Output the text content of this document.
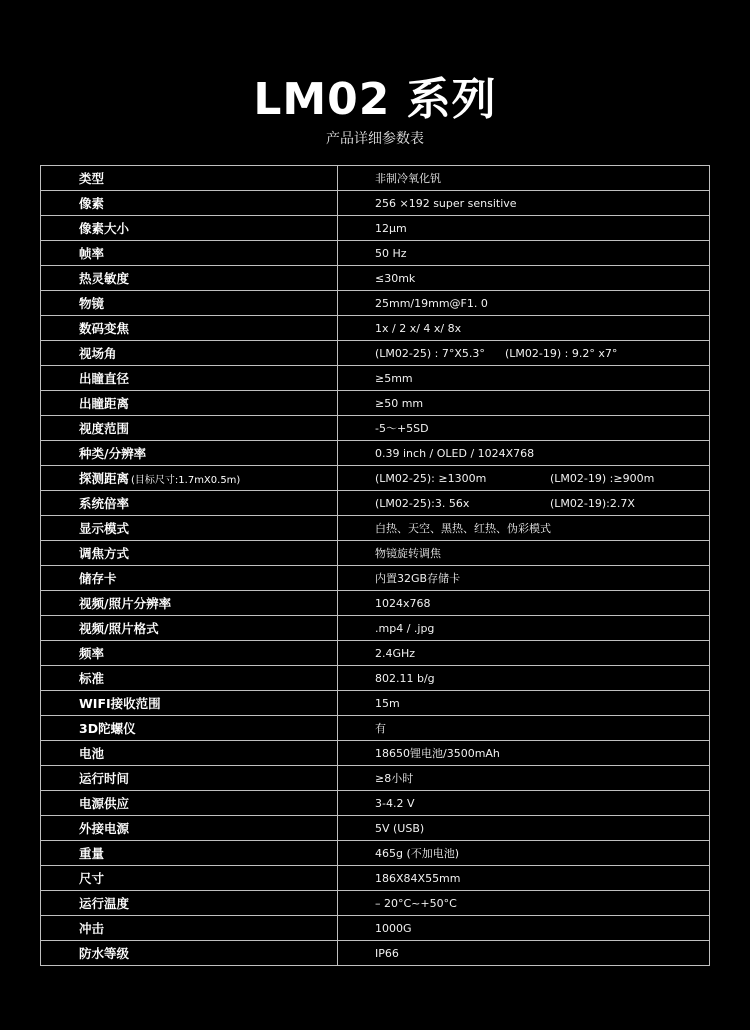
LM02 系列
产品详细参数表
类型	非制冷氧化钒
像素	256 ×192 super sensitive
像素大小	12μm
帧率	50 Hz
热灵敏度	≤30mk
物镜	25mm/19mm@F1. 0
数码变焦	1x / 2 x/ 4 x/ 8x
视场角	(LM02-25) : 7°X5.3° (LM02-19) : 9.2° x7°
出瞳直径	≥5mm
出瞳距离	≥50 mm
视度范围	-5〜+5SD
种类/分辨率	0.39 inch / OLED / 1024X768
探测距离 (目标尺寸:1.7mX0.5m)	(LM02-25): ≥1300m (LM02-19) :≥900m
系统倍率	(LM02-25):3. 56x (LM02-19):2.7X
显示模式	白热、天空、黑热、红热、伪彩模式
调焦方式	物镜旋转调焦
储存卡	内置32GB存储卡
视频/照片分辨率	1024x768
视频/照片格式	.mp4 / .jpg
频率	2.4GHz
标准	802.11 b/g
WIFI接收范围	15m
3D陀螺仪	有
电池	18650锂电池/3500mAh
运行时间	≥8小时
电源供应	3-4.2 V
外接电源	5V (USB)
重量	465g (不加电池)
尺寸	186X84X55mm
运行温度	– 20°C~+50°C
冲击	1000G
防水等级	IP66
